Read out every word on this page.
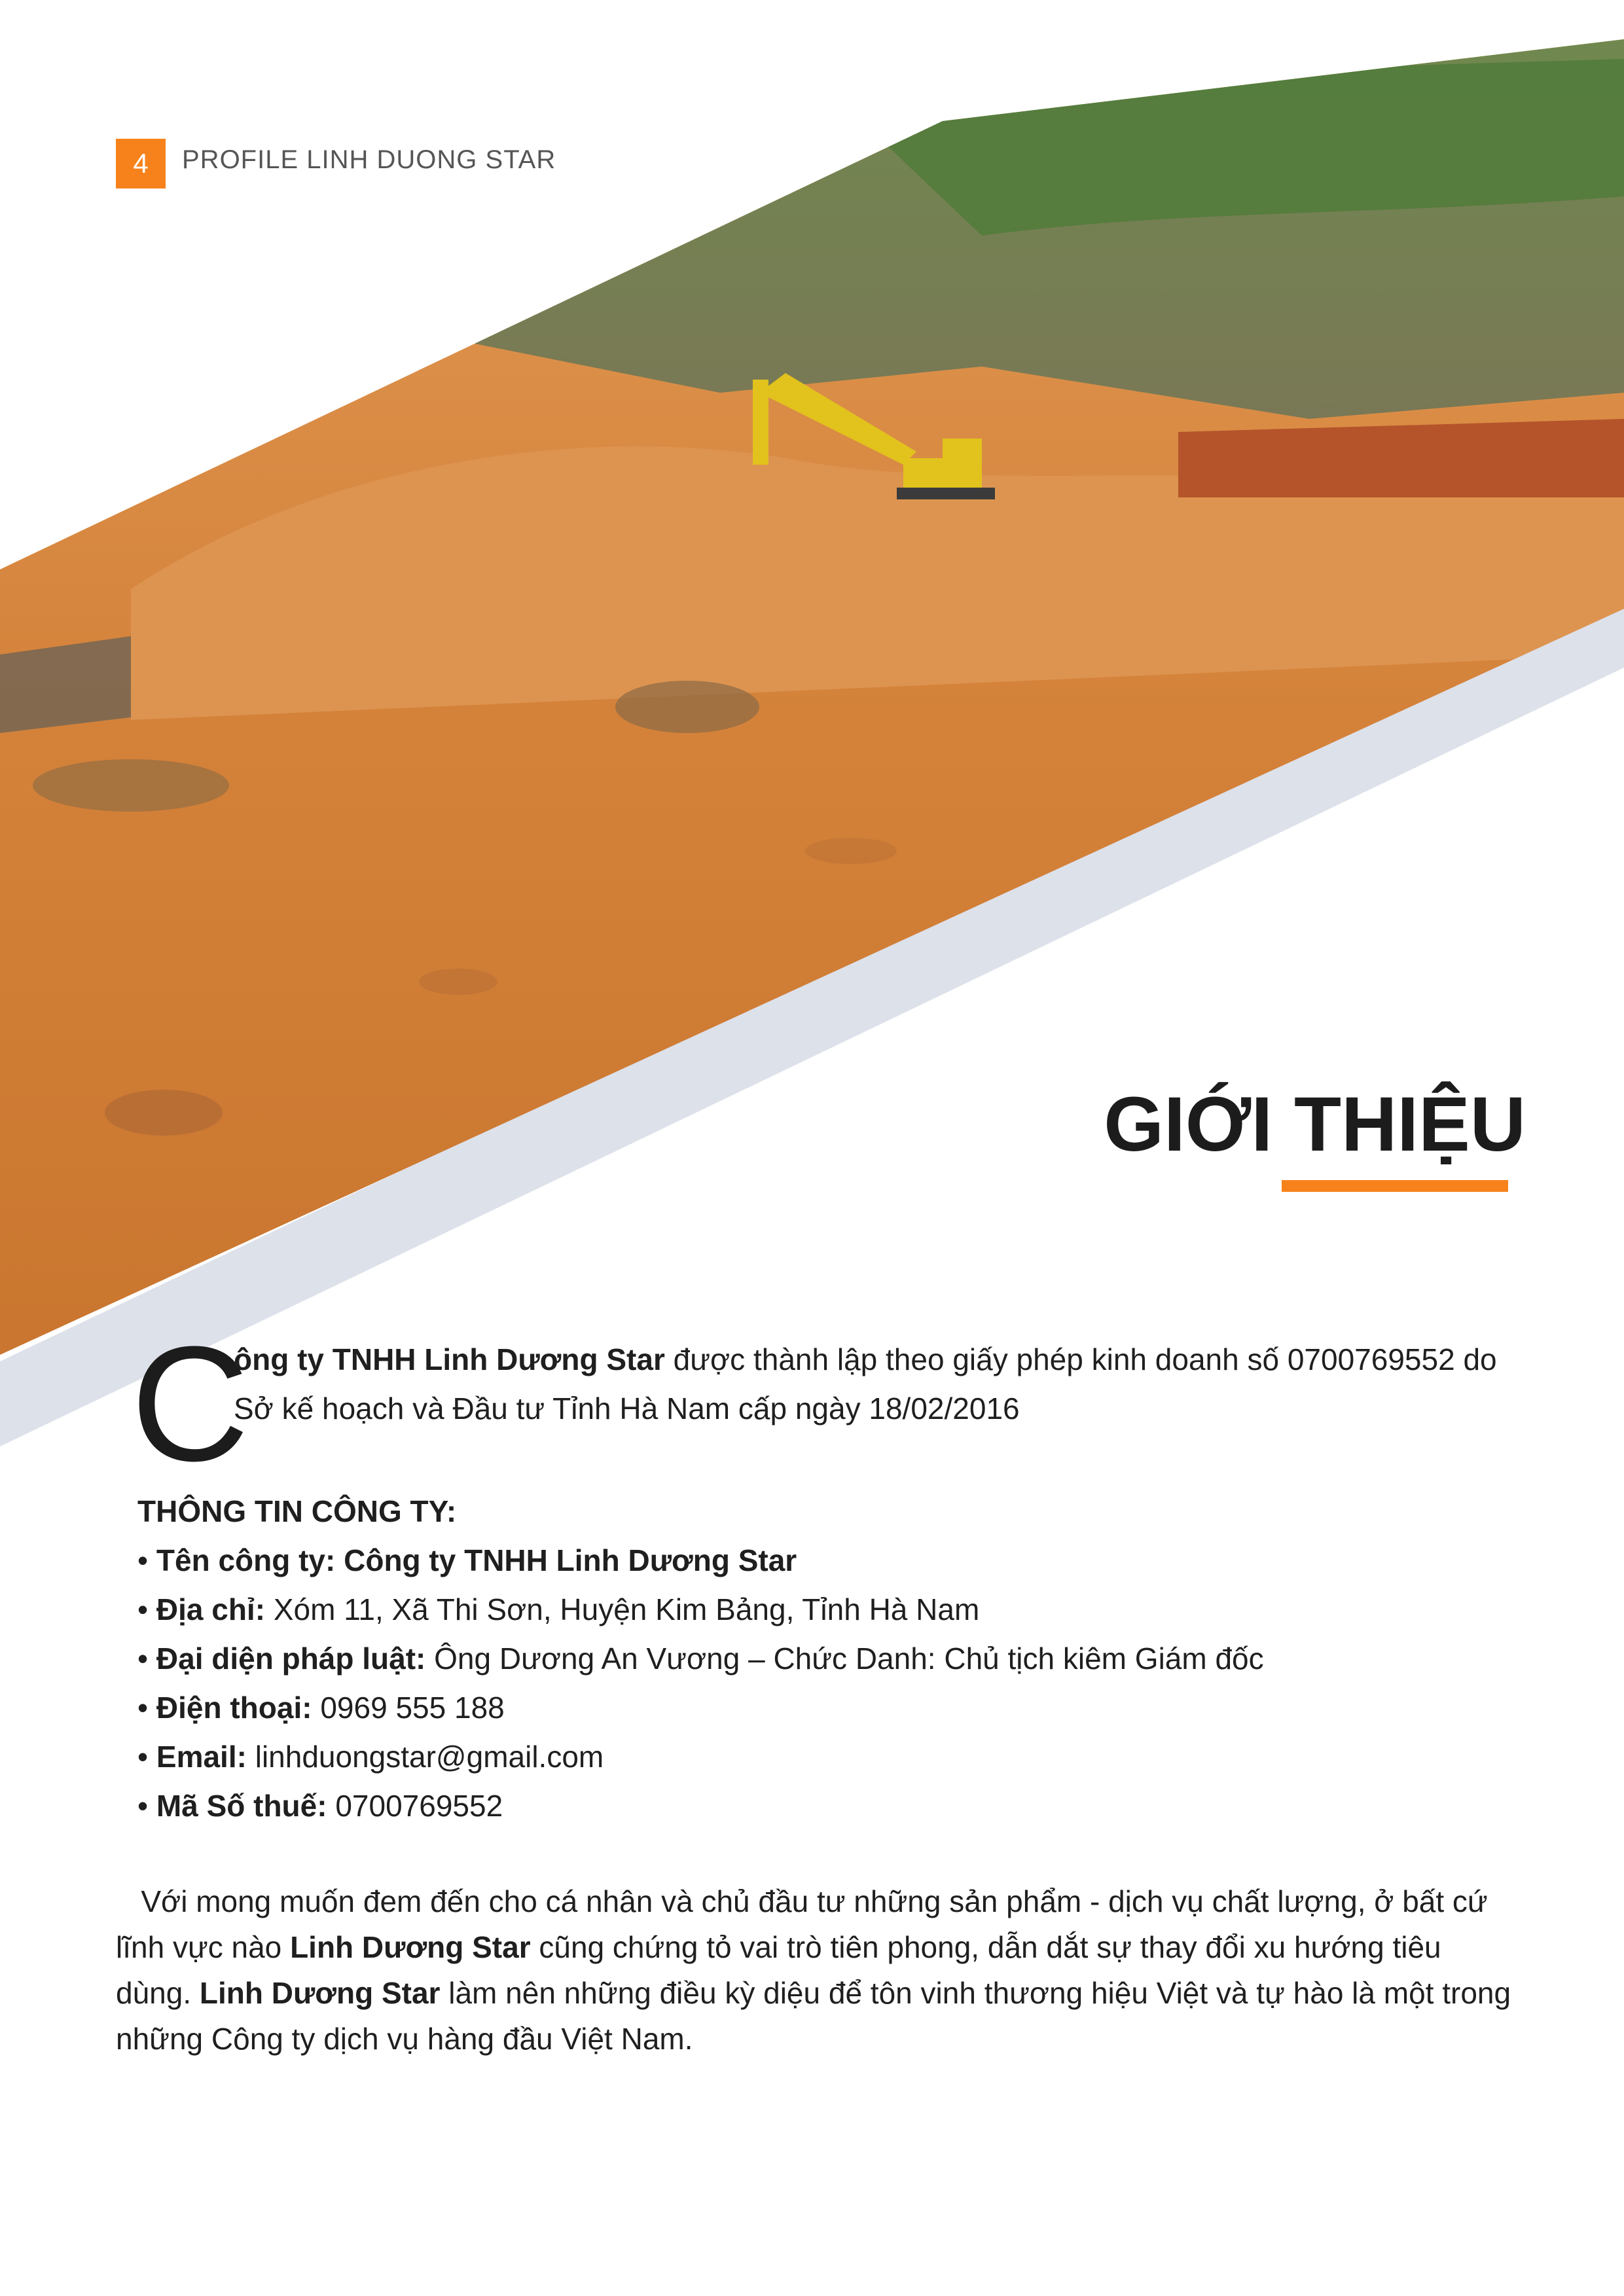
4	PROFILE LINH DUONG STAR
GIỚI THIỆU
C
ông ty TNHH Linh Dương Star được thành lập theo giấy phép kinh doanh số 0700769552 do Sở kế hoạch và Đầu tư Tỉnh Hà Nam cấp ngày 18/02/2016
THÔNG TIN CÔNG TY:
• Tên công ty: Công ty TNHH Linh Dương Star
• Địa chỉ: Xóm 11, Xã Thi Sơn, Huyện Kim Bảng, Tỉnh Hà Nam
• Đại diện pháp luật: Ông Dương An Vương – Chức Danh: Chủ tịch kiêm Giám đốc
• Điện thoại: 0969 555 188
• Email: linhduongstar@gmail.com
• Mã Số thuế: 0700769552
Với mong muốn đem đến cho cá nhân và chủ đầu tư những sản phẩm - dịch vụ chất lượng, ở bất cứ lĩnh vực nào Linh Dương Star cũng chứng tỏ vai trò tiên phong, dẫn dắt sự thay đổi xu hướng tiêu dùng. Linh Dương Star làm nên những điều kỳ diệu để tôn vinh thương hiệu Việt và tự hào là một trong những Công ty dịch vụ hàng đầu Việt Nam.
